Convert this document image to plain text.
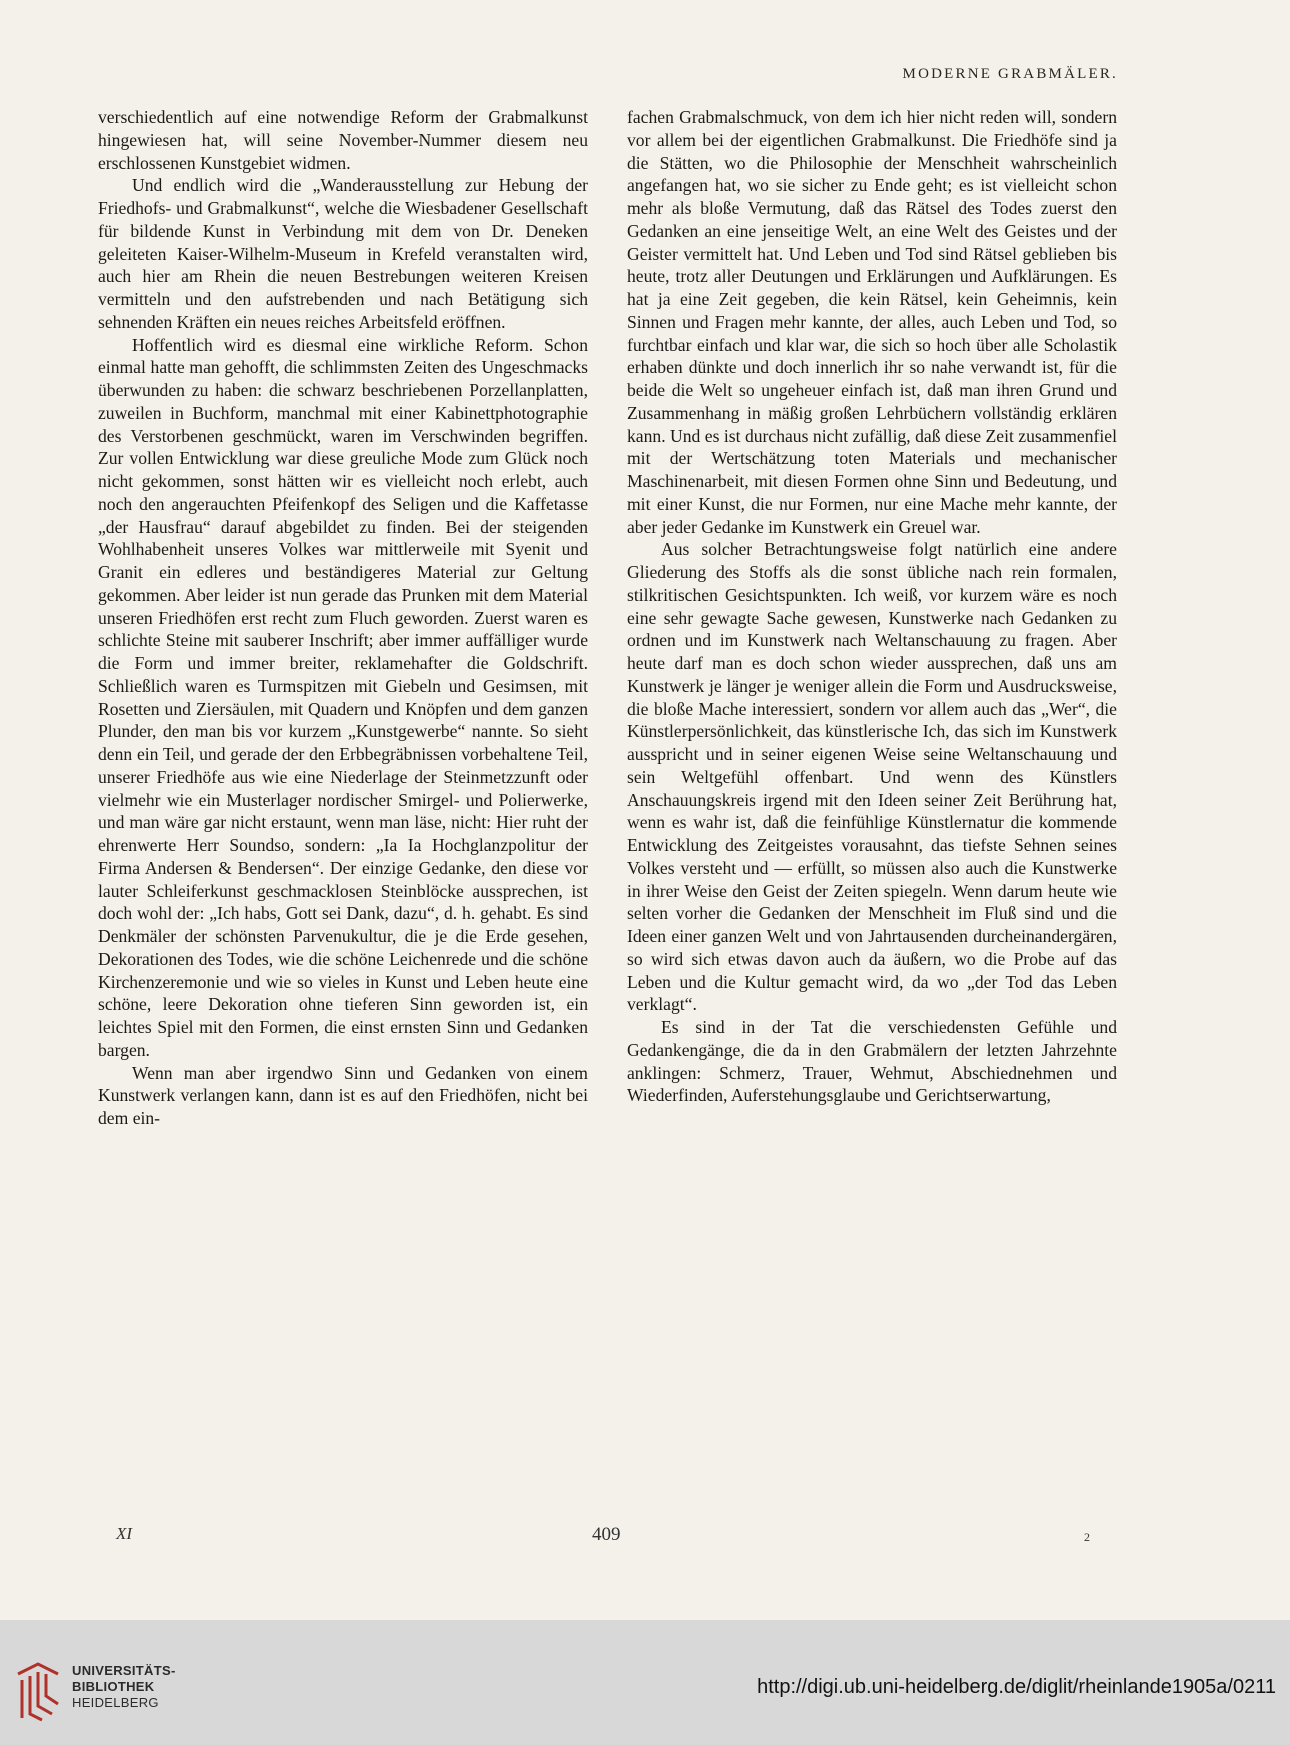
MODERNE GRABMÄLER.

verschiedentlich auf eine notwendige Reform der Grabmalkunst hingewiesen hat, will seine November-Nummer diesem neu erschlossenen Kunstgebiet widmen.

Und endlich wird die „Wanderausstellung zur Hebung der Friedhofs- und Grabmalkunst“, welche die Wiesbadener Gesellschaft für bildende Kunst in Verbindung mit dem von Dr. Deneken geleiteten Kaiser-Wilhelm-Museum in Krefeld veranstalten wird, auch hier am Rhein die neuen Bestrebungen weiteren Kreisen vermitteln und den aufstrebenden und nach Betätigung sich sehnenden Kräften ein neues reiches Arbeitsfeld eröffnen.

Hoffentlich wird es diesmal eine wirkliche Reform. Schon einmal hatte man gehofft, die schlimmsten Zeiten des Ungeschmacks überwunden zu haben: die schwarz beschriebenen Porzellanplatten, zuweilen in Buchform, manchmal mit einer Kabinettphotographie des Verstorbenen geschmückt, waren im Verschwinden begriffen. Zur vollen Entwicklung war diese greuliche Mode zum Glück noch nicht gekommen, sonst hätten wir es vielleicht noch erlebt, auch noch den angerauchten Pfeifenkopf des Seligen und die Kaffetasse „der Hausfrau“ darauf abgebildet zu finden. Bei der steigenden Wohlhabenheit unseres Volkes war mittlerweile mit Syenit und Granit ein edleres und beständigeres Material zur Geltung gekommen. Aber leider ist nun gerade das Prunken mit dem Material unseren Friedhöfen erst recht zum Fluch geworden. Zuerst waren es schlichte Steine mit sauberer Inschrift; aber immer auffälliger wurde die Form und immer breiter, reklamehafter die Goldschrift. Schließlich waren es Turmspitzen mit Giebeln und Gesimsen, mit Rosetten und Ziersäulen, mit Quadern und Knöpfen und dem ganzen Plunder, den man bis vor kurzem „Kunstgewerbe“ nannte. So sieht denn ein Teil, und gerade der den Erbbegräbnissen vorbehaltene Teil, unserer Friedhöfe aus wie eine Niederlage der Steinmetzzunft oder vielmehr wie ein Musterlager nordischer Smirgel- und Polierwerke, und man wäre gar nicht erstaunt, wenn man läse, nicht: Hier ruht der ehrenwerte Herr Soundso, sondern: „Ia Ia Hochglanzpolitur der Firma Andersen & Bendersen“. Der einzige Gedanke, den diese vor lauter Schleiferkunst geschmacklosen Steinblöcke aussprechen, ist doch wohl der: „Ich habs, Gott sei Dank, dazu“, d. h. gehabt. Es sind Denkmäler der schönsten Parvenukultur, die je die Erde gesehen, Dekorationen des Todes, wie die schöne Leichenrede und die schöne Kirchenzeremonie und wie so vieles in Kunst und Leben heute eine schöne, leere Dekoration ohne tieferen Sinn geworden ist, ein leichtes Spiel mit den Formen, die einst ernsten Sinn und Gedanken bargen.

Wenn man aber irgendwo Sinn und Gedanken von einem Kunstwerk verlangen kann, dann ist es auf den Friedhöfen, nicht bei dem ein-

fachen Grabmalschmuck, von dem ich hier nicht reden will, sondern vor allem bei der eigentlichen Grabmalkunst. Die Friedhöfe sind ja die Stätten, wo die Philosophie der Menschheit wahrscheinlich angefangen hat, wo sie sicher zu Ende geht; es ist vielleicht schon mehr als bloße Vermutung, daß das Rätsel des Todes zuerst den Gedanken an eine jenseitige Welt, an eine Welt des Geistes und der Geister vermittelt hat. Und Leben und Tod sind Rätsel geblieben bis heute, trotz aller Deutungen und Erklärungen und Aufklärungen. Es hat ja eine Zeit gegeben, die kein Rätsel, kein Geheimnis, kein Sinnen und Fragen mehr kannte, der alles, auch Leben und Tod, so furchtbar einfach und klar war, die sich so hoch über alle Scholastik erhaben dünkte und doch innerlich ihr so nahe verwandt ist, für die beide die Welt so ungeheuer einfach ist, daß man ihren Grund und Zusammenhang in mäßig großen Lehrbüchern vollständig erklären kann. Und es ist durchaus nicht zufällig, daß diese Zeit zusammenfiel mit der Wertschätzung toten Materials und mechanischer Maschinenarbeit, mit diesen Formen ohne Sinn und Bedeutung, und mit einer Kunst, die nur Formen, nur eine Mache mehr kannte, der aber jeder Gedanke im Kunstwerk ein Greuel war.

Aus solcher Betrachtungsweise folgt natürlich eine andere Gliederung des Stoffs als die sonst übliche nach rein formalen, stilkritischen Gesichtspunkten. Ich weiß, vor kurzem wäre es noch eine sehr gewagte Sache gewesen, Kunstwerke nach Gedanken zu ordnen und im Kunstwerk nach Weltanschauung zu fragen. Aber heute darf man es doch schon wieder aussprechen, daß uns am Kunstwerk je länger je weniger allein die Form und Ausdrucksweise, die bloße Mache interessiert, sondern vor allem auch das „Wer“, die Künstlerpersönlichkeit, das künstlerische Ich, das sich im Kunstwerk ausspricht und in seiner eigenen Weise seine Weltanschauung und sein Weltgefühl offenbart. Und wenn des Künstlers Anschauungskreis irgend mit den Ideen seiner Zeit Berührung hat, wenn es wahr ist, daß die feinfühlige Künstlernatur die kommende Entwicklung des Zeitgeistes vorausahnt, das tiefste Sehnen seines Volkes versteht und — erfüllt, so müssen also auch die Kunstwerke in ihrer Weise den Geist der Zeiten spiegeln. Wenn darum heute wie selten vorher die Gedanken der Menschheit im Fluß sind und die Ideen einer ganzen Welt und von Jahrtausenden durcheinandergären, so wird sich etwas davon auch da äußern, wo die Probe auf das Leben und die Kultur gemacht wird, da wo „der Tod das Leben verklagt“.

Es sind in der Tat die verschiedensten Gefühle und Gedankengänge, die da in den Grabmälern der letzten Jahrzehnte anklingen: Schmerz, Trauer, Wehmut, Abschiednehmen und Wiederfinden, Auferstehungsglaube und Gerichtserwartung,

XI	409	2
UNIVERSITÄTS-
BIBLIOTHEK
HEIDELBERG
http://digi.ub.uni-heidelberg.de/diglit/rheinlande1905a/0211
